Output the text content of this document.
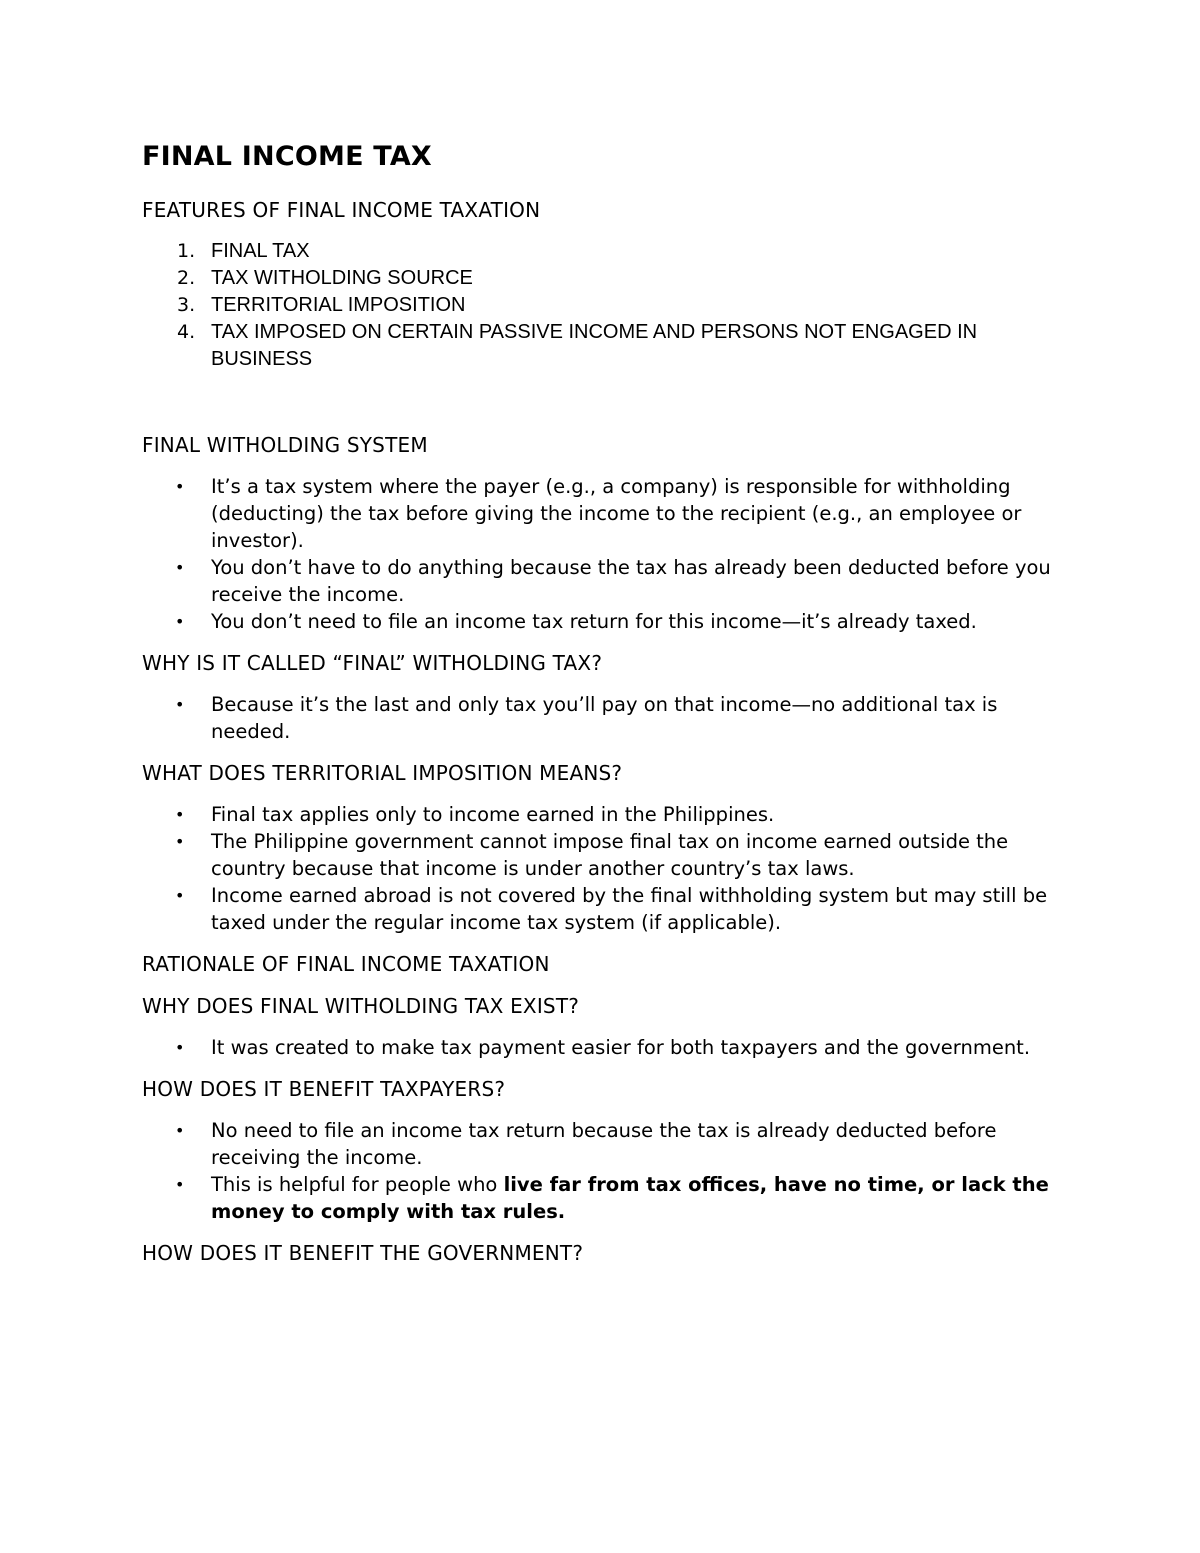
FINAL INCOME TAX
FEATURES OF FINAL INCOME TAXATION
1. FINAL TAX
2. TAX WITHOLDING SOURCE
3. TERRITORIAL IMPOSITION
4. TAX IMPOSED ON CERTAIN PASSIVE INCOME AND PERSONS NOT ENGAGED IN BUSINESS
FINAL WITHOLDING SYSTEM
• It’s a tax system where the payer (e.g., a company) is responsible for withholding (deducting) the tax before giving the income to the recipient (e.g., an employee or investor).
• You don’t have to do anything because the tax has already been deducted before you receive the income.
• You don’t need to file an income tax return for this income—it’s already taxed.
WHY IS IT CALLED “FINAL” WITHOLDING TAX?
• Because it’s the last and only tax you’ll pay on that income—no additional tax is needed.
WHAT DOES TERRITORIAL IMPOSITION MEANS?
• Final tax applies only to income earned in the Philippines.
• The Philippine government cannot impose final tax on income earned outside the country because that income is under another country’s tax laws.
• Income earned abroad is not covered by the final withholding system but may still be taxed under the regular income tax system (if applicable).
RATIONALE OF FINAL INCOME TAXATION
WHY DOES FINAL WITHOLDING TAX EXIST?
• It was created to make tax payment easier for both taxpayers and the government.
HOW DOES IT BENEFIT TAXPAYERS?
• No need to file an income tax return because the tax is already deducted before receiving the income.
• This is helpful for people who live far from tax offices, have no time, or lack the money to comply with tax rules.
HOW DOES IT BENEFIT THE GOVERNMENT?
